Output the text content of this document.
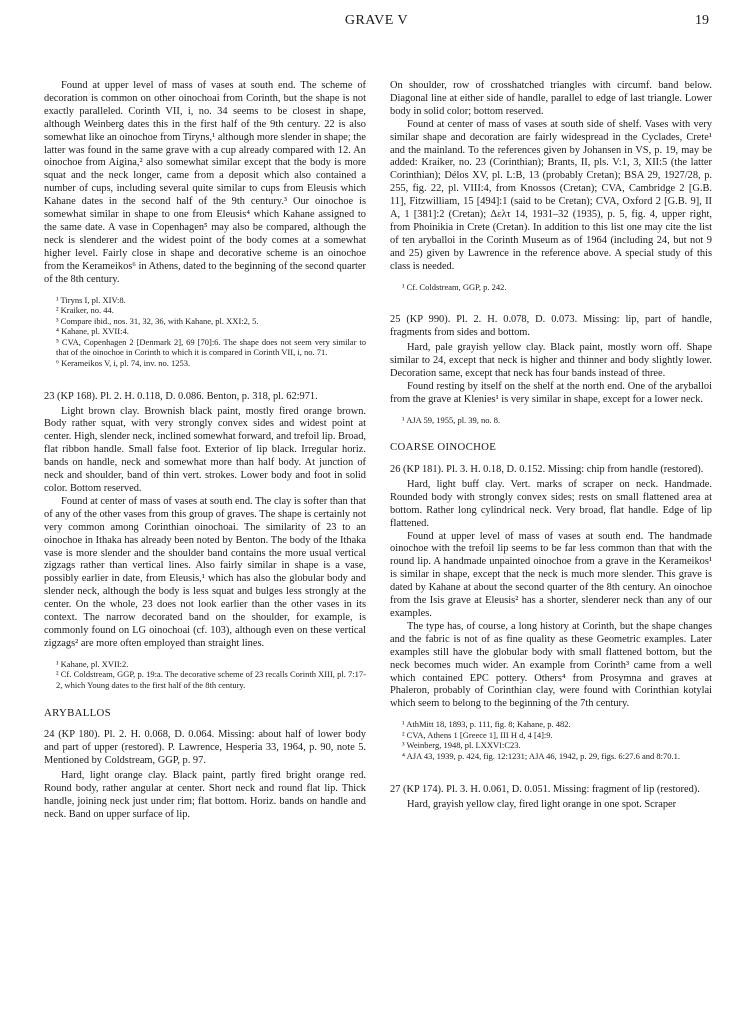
GRAVE V	19

Found at upper level of mass of vases at south end. The scheme of decoration is common on other oinochoai from Corinth, but the shape is not exactly paralleled. Corinth VII, i, no. 34 seems to be closest in shape, although Weinberg dates this in the first half of the 9th century. 22 is also somewhat like an oinochoe from Tiryns,¹ although more slender in shape; the latter was found in the same grave with a cup already compared with 12. An oinochoe from Aigina,² also somewhat similar except that the body is more squat and the neck longer, came from a deposit which also contained a number of cups, including several quite similar to cups from Eleusis which Kahane dates in the second half of the 9th century.³ Our oinochoe is somewhat similar in shape to one from Eleusis⁴ which Kahane assigned to the same date. A vase in Copenhagen⁵ may also be compared, although the neck is slenderer and the widest point of the body comes at a somewhat higher level. Fairly close in shape and decorative scheme is an oinochoe from the Kerameikos⁶ in Athens, dated to the beginning of the second quarter of the 8th century.

¹ Tiryns I, pl. XIV:8.
² Kraiker, no. 44.
³ Compare ibid., nos. 31, 32, 36, with Kahane, pl. XXI:2, 5.
⁴ Kahane, pl. XVII:4.
⁵ CVA, Copenhagen 2 [Denmark 2], 69 [70]:6. The shape does not seem very similar to that of the oinochoe in Corinth to which it is compared in Corinth VII, i, no. 71.
⁶ Kerameikos V, i, pl. 74, inv. no. 1253.

23 (KP 168). Pl. 2. H. 0.118, D. 0.086. Benton, p. 318, pl. 62:971.

Light brown clay. Brownish black paint, mostly fired orange brown. Body rather squat, with very strongly convex sides and widest point at center. High, slender neck, inclined somewhat forward, and trefoil lip. Broad, flat ribbon handle. Small false foot. Exterior of lip black. Irregular horiz. bands on handle, neck and somewhat more than half body. At junction of neck and shoulder, band of thin vert. strokes. Lower body and foot in solid color. Bottom reserved.

Found at center of mass of vases at south end. The clay is softer than that of any of the other vases from this group of graves. The shape is certainly not very common among Corinthian oinochoai. The similarity of 23 to an oinochoe in Ithaka has already been noted by Benton. The body of the Ithaka vase is more slender and the shoulder band contains the more usual vertical zigzags rather than vertical lines. Also fairly similar in shape is a vase, possibly earlier in date, from Eleusis,¹ which has also the globular body and slender neck, although the body is less squat and bulges less strongly at the center. On the whole, 23 does not look earlier than the other vases in its context. The narrow decorated band on the shoulder, for example, is commonly found on LG oinochoai (cf. 103), although even on these vertical zigzags² are more often employed than straight lines.

¹ Kahane, pl. XVII:2.
² Cf. Coldstream, GGP, p. 19:a. The decorative scheme of 23 recalls Corinth XIII, pl. 7:17-2, which Young dates to the first half of the 8th century.
ARYBALLOS

24 (KP 180). Pl. 2. H. 0.068, D. 0.064. Missing: about half of lower body and part of upper (restored). P. Lawrence, Hesperia 33, 1964, p. 90, note 5. Mentioned by Coldstream, GGP, p. 97.

Hard, light orange clay. Black paint, partly fired bright orange red. Round body, rather angular at center. Short neck and round flat lip. Thick handle, joining neck just under rim; flat bottom. Horiz. bands on handle and neck. Band on upper surface of lip.

On shoulder, row of crosshatched triangles with circumf. band below. Diagonal line at either side of handle, parallel to edge of last triangle. Lower body in solid color; bottom reserved.

Found at center of mass of vases at south side of shelf. Vases with very similar shape and decoration are fairly widespread in the Cyclades, Crete¹ and the mainland. To the references given by Johansen in VS, p. 19, may be added: Kraiker, no. 23 (Corinthian); Brants, II, pls. V:1, 3, XII:5 (the latter Corinthian); Délos XV, pl. L:B, 13 (probably Cretan); BSA 29, 1927/28, p. 255, fig. 22, pl. VIII:4, from Knossos (Cretan); CVA, Cambridge 2 [G.B. 11], Fitzwilliam, 15 [494]:1 (said to be Cretan); CVA, Oxford 2 [G.B. 9], II A, 1 [381]:2 (Cretan); Δελτ 14, 1931–32 (1935), p. 5, fig. 4, upper right, from Phoinikia in Crete (Cretan). In addition to this list one may cite the list of ten aryballoi in the Corinth Museum as of 1964 (including 24, but not 9 and 25) given by Lawrence in the reference above. A special study of this class is needed.

¹ Cf. Coldstream, GGP, p. 242.

25 (KP 990). Pl. 2. H. 0.078, D. 0.073. Missing: lip, part of handle, fragments from sides and bottom.

Hard, pale grayish yellow clay. Black paint, mostly worn off. Shape similar to 24, except that neck is higher and thinner and body slightly lower. Decoration same, except that neck has four bands instead of three.

Found resting by itself on the shelf at the north end. One of the aryballoi from the grave at Klenies¹ is very similar in shape, except for a lower neck.

¹ AJA 59, 1955, pl. 39, no. 8.
COARSE OINOCHOE

26 (KP 181). Pl. 3. H. 0.18, D. 0.152. Missing: chip from handle (restored).

Hard, light buff clay. Vert. marks of scraper on neck. Handmade. Rounded body with strongly convex sides; rests on small flattened area at bottom. Rather long cylindrical neck. Very broad, flat handle. Edge of lip flattened.

Found at upper level of mass of vases at south end. The handmade oinochoe with the trefoil lip seems to be far less common than that with the round lip. A handmade unpainted oinochoe from a grave in the Kerameikos¹ is similar in shape, except that the neck is much more slender. This grave is dated by Kahane at about the second quarter of the 8th century. An oinochoe from the Isis grave at Eleusis² has a shorter, slenderer neck than any of our examples.

The type has, of course, a long history at Corinth, but the shape changes and the fabric is not of as fine quality as these Geometric examples. Later examples still have the globular body with small flattened bottom, but the neck becomes much wider. An example from Corinth³ came from a well which contained EPC pottery. Others⁴ from Prosymna and graves at Phaleron, probably of Corinthian clay, were found with Corinthian kotylai which seem to belong to the beginning of the 7th century.

¹ AthMitt 18, 1893, p. 111, fig. 8; Kahane, p. 482.
² CVA, Athens 1 [Greece 1], III H d, 4 [4]:9.
³ Weinberg, 1948, pl. LXXVI:C23.
⁴ AJA 43, 1939, p. 424, fig. 12:1231; AJA 46, 1942, p. 29, figs. 6:27.6 and 8:70.1.

27 (KP 174). Pl. 3. H. 0.061, D. 0.051. Missing: fragment of lip (restored).

Hard, grayish yellow clay, fired light orange in one spot. Scraper
